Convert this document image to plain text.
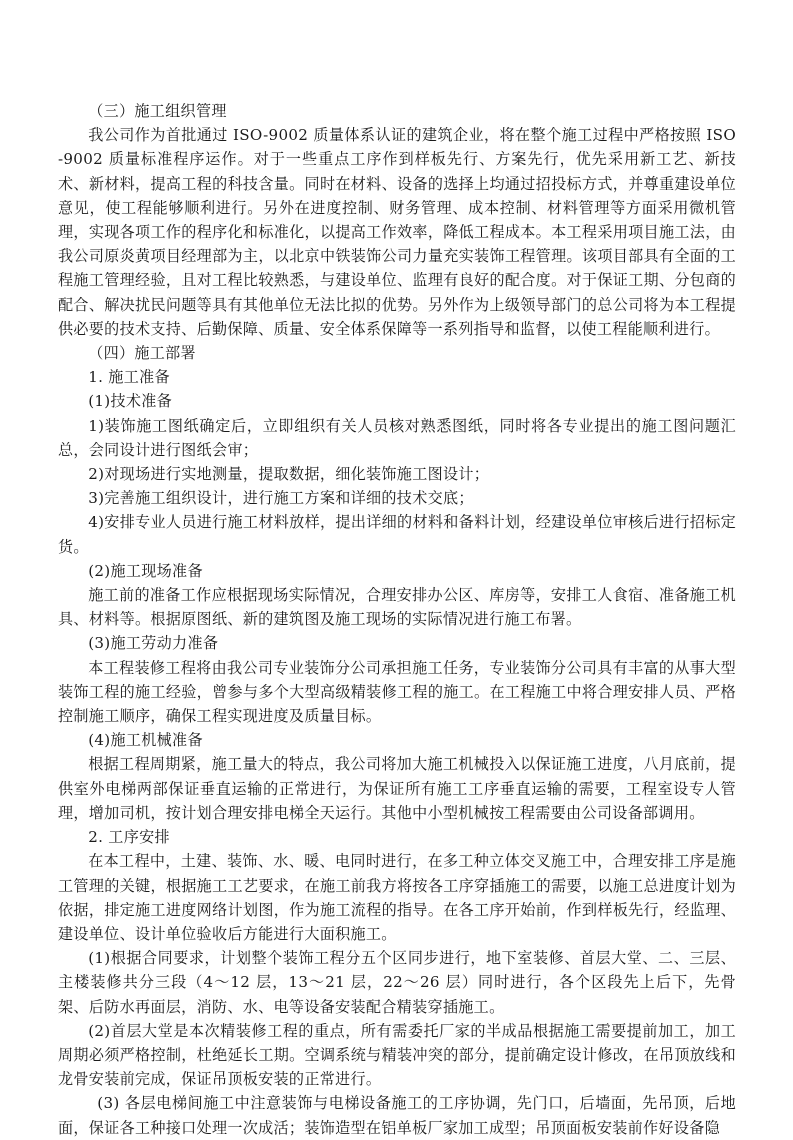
（三）施工组织管理

我公司作为首批通过 ISO-9002 质量体系认证的建筑企业，将在整个施工过程中严格按照 ISO-9002 质量标准程序运作。对于一些重点工序作到样板先行、方案先行，优先采用新工艺、新技术、新材料，提高工程的科技含量。同时在材料、设备的选择上均通过招投标方式，并尊重建设单位意见，使工程能够顺利进行。另外在进度控制、财务管理、成本控制、材料管理等方面采用微机管理，实现各项工作的程序化和标准化，以提高工作效率，降低工程成本。本工程采用项目施工法，由我公司原炎黄项目经理部为主，以北京中铁装饰公司力量充实装饰工程管理。该项目部具有全面的工程施工管理经验，且对工程比较熟悉，与建设单位、监理有良好的配合度。对于保证工期、分包商的配合、解决扰民问题等具有其他单位无法比拟的优势。另外作为上级领导部门的总公司将为本工程提供必要的技术支持、后勤保障、质量、安全体系保障等一系列指导和监督，以使工程能顺利进行。

（四）施工部署

1. 施工准备

(1)技术准备

1)装饰施工图纸确定后，立即组织有关人员核对熟悉图纸，同时将各专业提出的施工图问题汇总，会同设计进行图纸会审；

2)对现场进行实地测量，提取数据，细化装饰施工图设计；

3)完善施工组织设计，进行施工方案和详细的技术交底；

4)安排专业人员进行施工材料放样，提出详细的材料和备料计划，经建设单位审核后进行招标定货。

(2)施工现场准备

施工前的准备工作应根据现场实际情况，合理安排办公区、库房等，安排工人食宿、准备施工机具、材料等。根据原图纸、新的建筑图及施工现场的实际情况进行施工布署。

(3)施工劳动力准备

本工程装修工程将由我公司专业装饰分公司承担施工任务，专业装饰分公司具有丰富的从事大型装饰工程的施工经验，曾参与多个大型高级精装修工程的施工。在工程施工中将合理安排人员、严格控制施工顺序，确保工程实现进度及质量目标。

(4)施工机械准备

根据工程周期紧，施工量大的特点，我公司将加大施工机械投入以保证施工进度，八月底前，提供室外电梯两部保证垂直运输的正常进行，为保证所有施工工序垂直运输的需要，工程室设专人管理，增加司机，按计划合理安排电梯全天运行。其他中小型机械按工程需要由公司设备部调用。

2. 工序安排

在本工程中，土建、装饰、水、暖、电同时进行，在多工种立体交叉施工中，合理安排工序是施工管理的关键，根据施工工艺要求，在施工前我方将按各工序穿插施工的需要，以施工总进度计划为依据，排定施工进度网络计划图，作为施工流程的指导。在各工序开始前，作到样板先行，经监理、建设单位、设计单位验收后方能进行大面积施工。

(1)根据合同要求，计划整个装饰工程分五个区同步进行，地下室装修、首层大堂、二、三层、主楼装修共分三段（4～12 层，13～21 层，22～26 层）同时进行，各个区段先上后下，先骨架、后防水再面层，消防、水、电等设备安装配合精装穿插施工。

(2)首层大堂是本次精装修工程的重点，所有需委托厂家的半成品根据施工需要提前加工，加工周期必须严格控制，杜绝延长工期。空调系统与精装冲突的部分，提前确定设计修改，在吊顶放线和龙骨安装前完成，保证吊顶板安装的正常进行。

(3) 各层电梯间施工中注意装饰与电梯设备施工的工序协调，先门口，后墙面，先吊顶，后地面，保证各工种接口处理一次成活；装饰造型在铝单板厂家加工成型；吊顶面板安装前作好设备隐
